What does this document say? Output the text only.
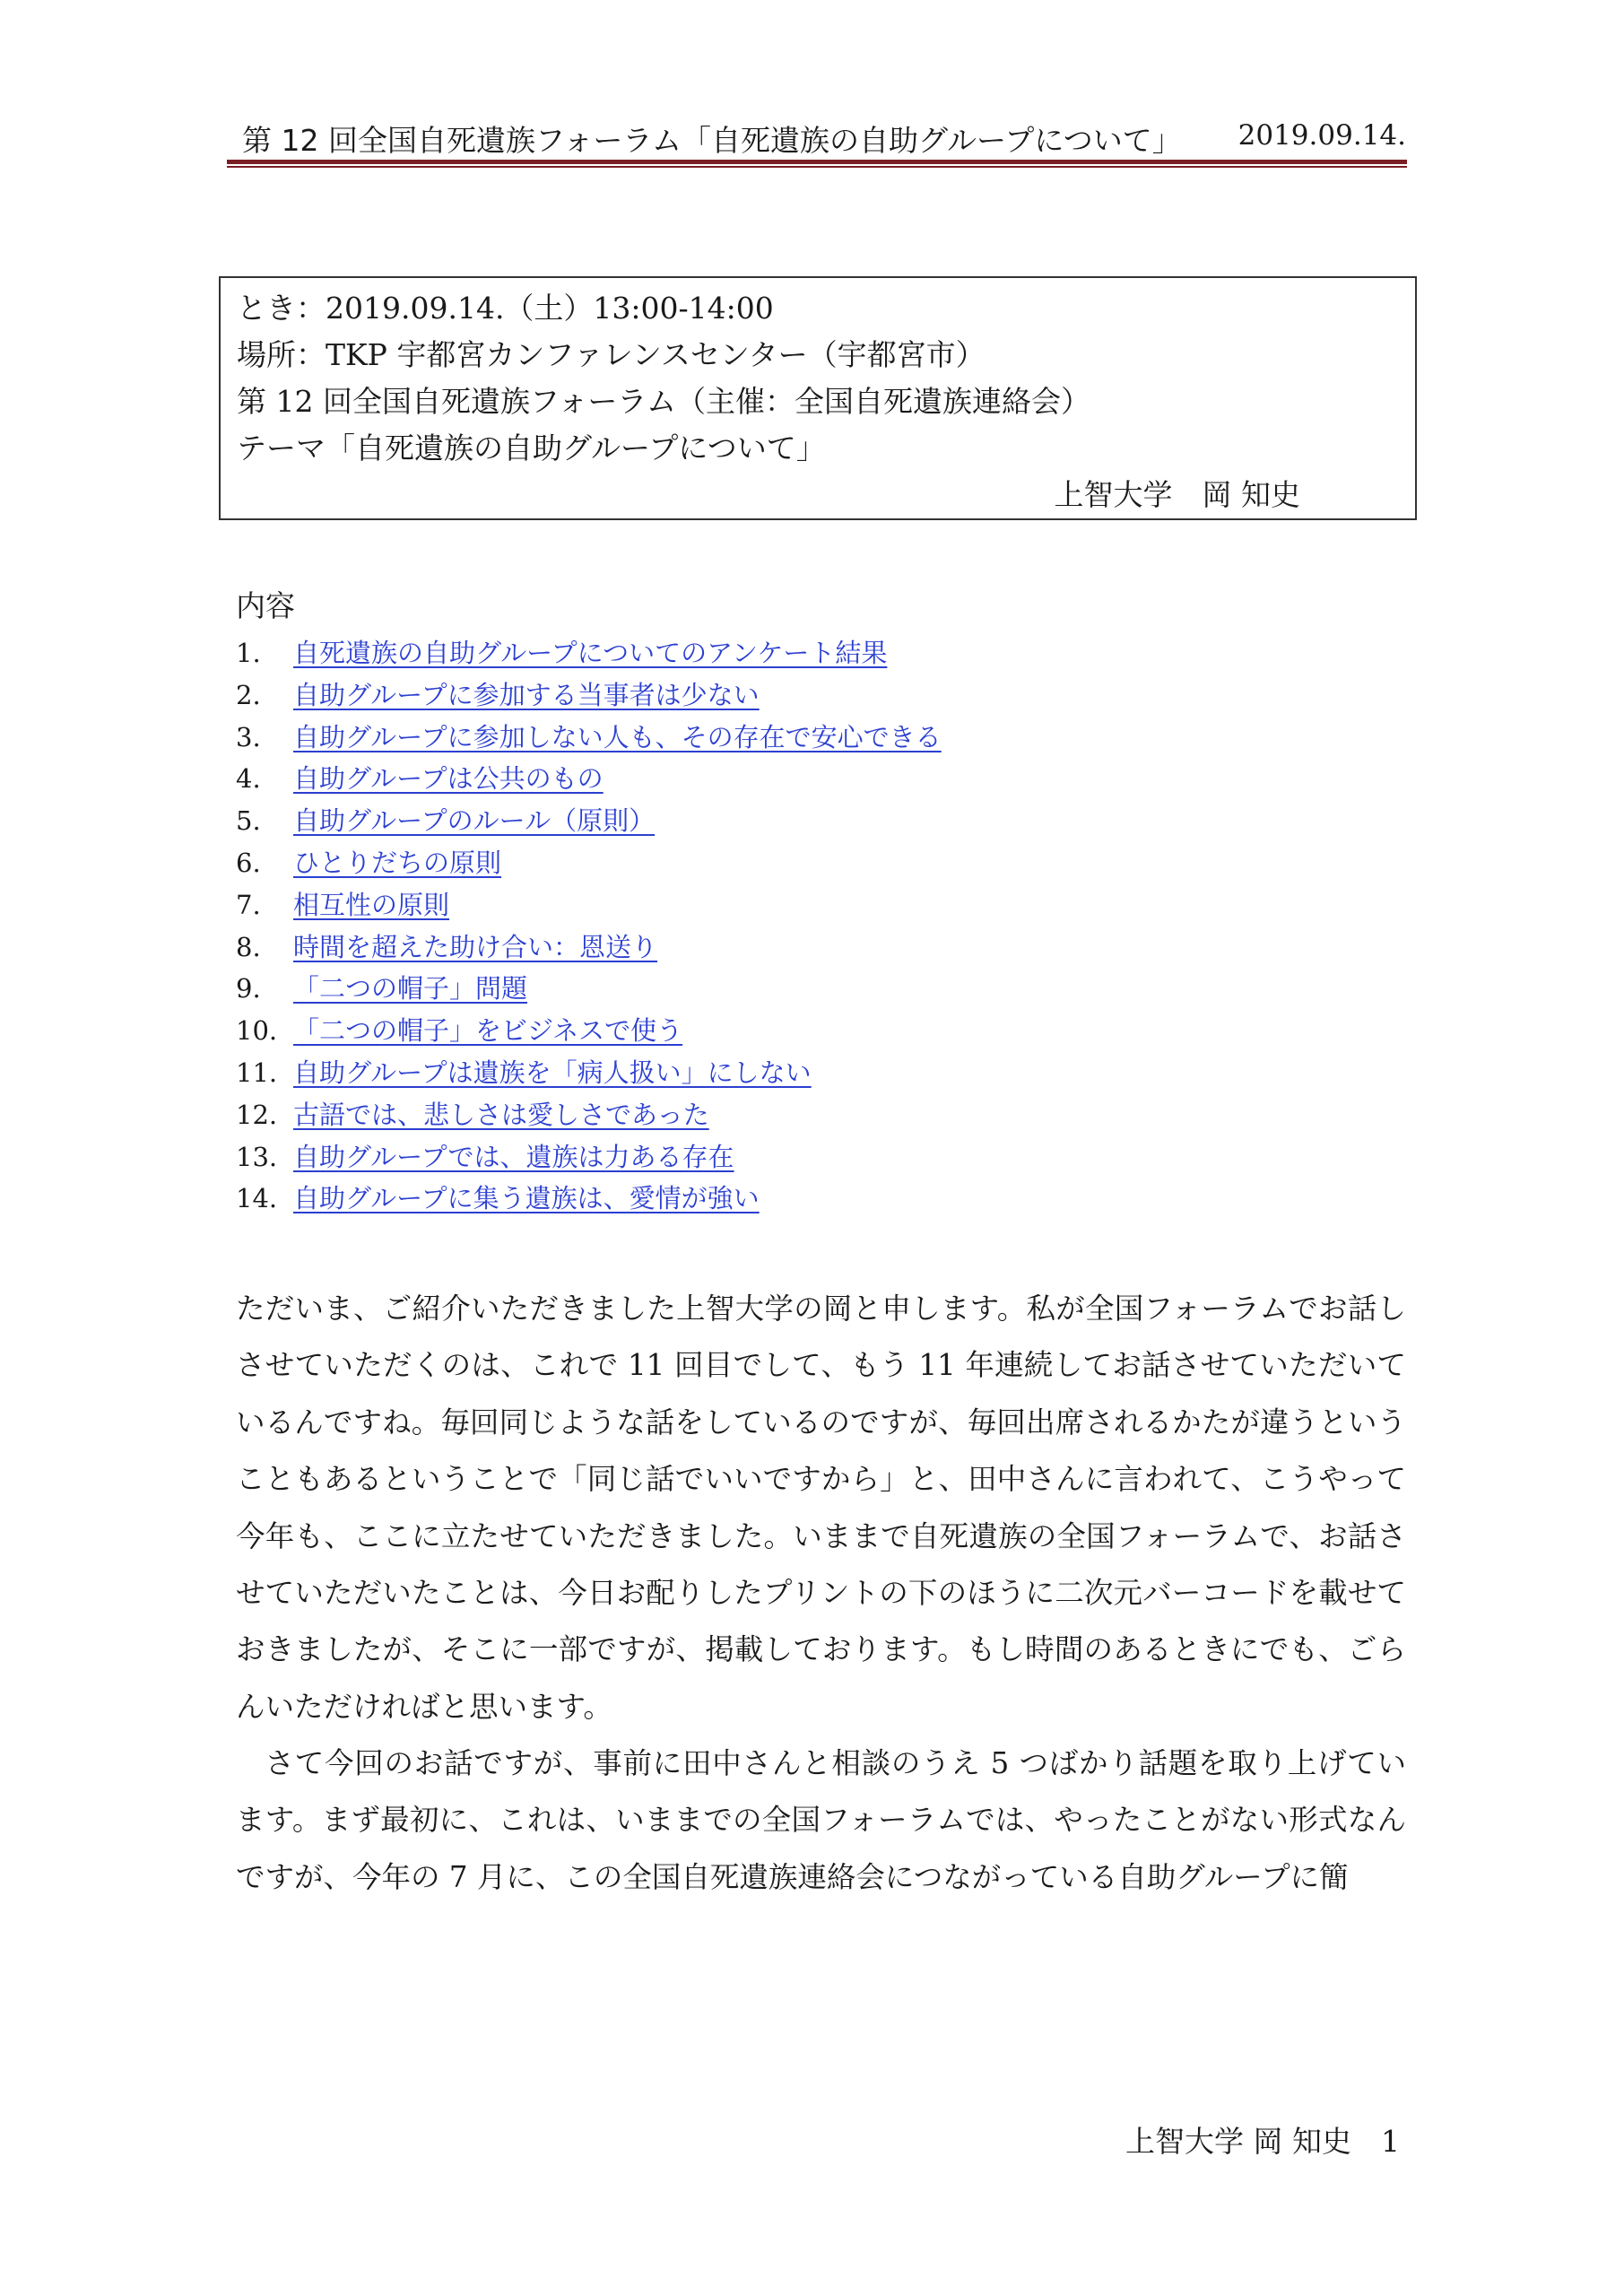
第 12 回全国自死遺族フォーラム「自死遺族の自助グループについて」 2019.09.14.
とき：2019.09.14.（土）13:00-14:00
場所：TKP 宇都宮カンファレンスセンター（宇都宮市）
第 12 回全国自死遺族フォーラム（主催：全国自死遺族連絡会）
テーマ「自死遺族の自助グループについて」
上智大学　岡 知史
内容
1.	自死遺族の自助グループについてのアンケート結果
2.	自助グループに参加する当事者は少ない
3.	自助グループに参加しない人も、その存在で安心できる
4.	自助グループは公共のもの
5.	自助グループのルール（原則）
6.	ひとりだちの原則
7.	相互性の原則
8.	時間を超えた助け合い：恩送り
9.	「二つの帽子」問題
10. 「二つの帽子」をビジネスで使う
11. 自助グループは遺族を「病人扱い」にしない
12. 古語では、悲しさは愛しさであった
13. 自助グループでは、遺族は力ある存在
14. 自助グループに集う遺族は、愛情が強い

ただいま、ご紹介いただきました上智大学の岡と申します。私が全国フォーラムでお話しさせていただくのは、これで 11 回目でして、もう 11 年連続してお話させていただいているんですね。毎回同じような話をしているのですが、毎回出席されるかたが違うということもあるということで「同じ話でいいですから」と、田中さんに言われて、こうやって今年も、ここに立たせていただきました。いままで自死遺族の全国フォーラムで、お話させていただいたことは、今日お配りしたプリントの下のほうに二次元バーコードを載せておきましたが、そこに一部ですが、掲載しております。もし時間のあるときにでも、ごらんいただければと思います。

さて今回のお話ですが、事前に田中さんと相談のうえ 5 つばかり話題を取り上げています。まず最初に、これは、いままでの全国フォーラムでは、やったことがない形式なんですが、今年の 7 月に、この全国自死遺族連絡会につながっている自助グループに簡

上智大学 岡 知史　1
